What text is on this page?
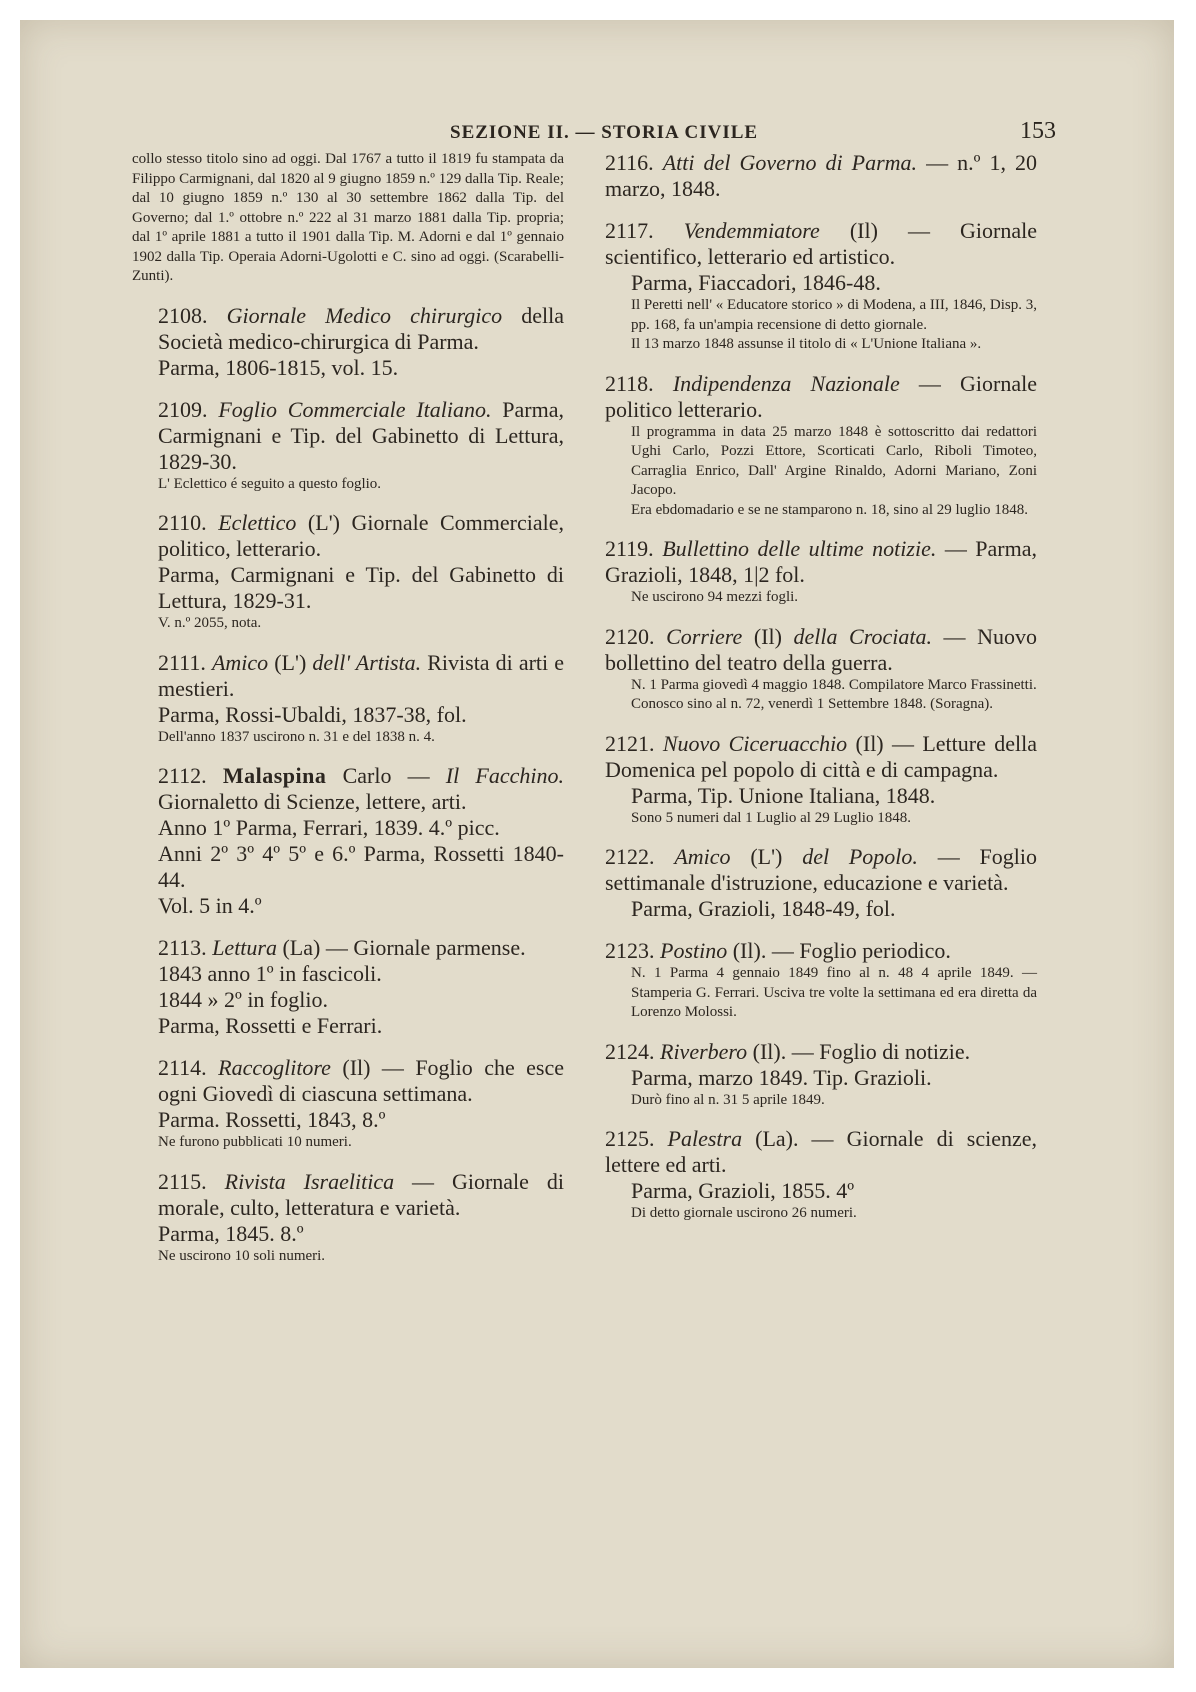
SEZIONE II. — STORIA CIVILE	153
collo stesso titolo sino ad oggi. Dal 1767 a tutto il 1819 fu stampata da Filippo Carmignani, dal 1820 al 9 giugno 1859 n.º 129 dalla Tip. Reale; dal 10 giugno 1859 n.º 130 al 30 settembre 1862 dalla Tip. del Governo; dal 1.º ottobre n.º 222 al 31 marzo 1881 dalla Tip. propria; dal 1º aprile 1881 a tutto il 1901 dalla Tip. M. Adorni e dal 1º gennaio 1902 dalla Tip. Operaia Adorni-Ugolotti e C. sino ad oggi. (Scarabelli-Zunti).
2108. Giornale Medico chirurgico della Società medico-chirurgica di Parma.
Parma, 1806-1815, vol. 15.
2109. Foglio Commerciale Italiano. Parma, Carmignani e Tip. del Gabinetto di Lettura, 1829-30.
L' Eclettico é seguito a questo foglio.
2110. Eclettico (L') Giornale Commerciale, politico, letterario.
Parma, Carmignani e Tip. del Gabinetto di Lettura, 1829-31.
V. n.º 2055, nota.
2111. Amico (L') dell' Artista. Rivista di arti e mestieri.
Parma, Rossi-Ubaldi, 1837-38, fol.
Dell'anno 1837 uscirono n. 31 e del 1838 n. 4.
2112. Malaspina Carlo — Il Facchino. Giornaletto di Scienze, lettere, arti.
Anno 1º Parma, Ferrari, 1839. 4.º picc.
Anni 2º 3º 4º 5º e 6.º Parma, Rossetti 1840-44.
Vol. 5 in 4.º
2113. Lettura (La) — Giornale parmense.
1843 anno 1º in fascicoli.
1844 » 2º in foglio.
Parma, Rossetti e Ferrari.
2114. Raccoglitore (Il) — Foglio che esce ogni Giovedì di ciascuna settimana.
Parma. Rossetti, 1843, 8.º
Ne furono pubblicati 10 numeri.
2115. Rivista Israelitica — Giornale di morale, culto, letteratura e varietà.
Parma, 1845. 8.º
Ne uscirono 10 soli numeri.
2116. Atti del Governo di Parma. — n.º 1, 20 marzo, 1848.
2117. Vendemmiatore (Il) — Giornale scientifico, letterario ed artistico.
Parma, Fiaccadori, 1846-48.
Il Peretti nell' « Educatore storico » di Modena, a III, 1846, Disp. 3, pp. 168, fa un'ampia recensione di detto giornale.
Il 13 marzo 1848 assunse il titolo di « L'Unione Italiana ».
2118. Indipendenza Nazionale — Giornale politico letterario.
Il programma in data 25 marzo 1848 è sottoscritto dai redattori Ughi Carlo, Pozzi Ettore, Scorticati Carlo, Riboli Timoteo, Carraglia Enrico, Dall' Argine Rinaldo, Adorni Mariano, Zoni Jacopo.
Era ebdomadario e se ne stamparono n. 18, sino al 29 luglio 1848.
2119. Bullettino delle ultime notizie. — Parma, Grazioli, 1848, 1|2 fol.
Ne uscirono 94 mezzi fogli.
2120. Corriere (Il) della Crociata. — Nuovo bollettino del teatro della guerra.
N. 1 Parma giovedì 4 maggio 1848. Compilatore Marco Frassinetti.
Conosco sino al n. 72, venerdì 1 Settembre 1848. (Soragna).
2121. Nuovo Ciceruacchio (Il) — Letture della Domenica pel popolo di città e di campagna.
Parma, Tip. Unione Italiana, 1848.
Sono 5 numeri dal 1 Luglio al 29 Luglio 1848.
2122. Amico (L') del Popolo. — Foglio settimanale d'istruzione, educazione e varietà.
Parma, Grazioli, 1848-49, fol.
2123. Postino (Il). — Foglio periodico.
N. 1 Parma 4 gennaio 1849 fino al n. 48 4 aprile 1849. — Stamperia G. Ferrari. Usciva tre volte la settimana ed era diretta da Lorenzo Molossi.
2124. Riverbero (Il). — Foglio di notizie.
Parma, marzo 1849. Tip. Grazioli.
Durò fino al n. 31 5 aprile 1849.
2125. Palestra (La). — Giornale di scienze, lettere ed arti.
Parma, Grazioli, 1855. 4º
Di detto giornale uscirono 26 numeri.
